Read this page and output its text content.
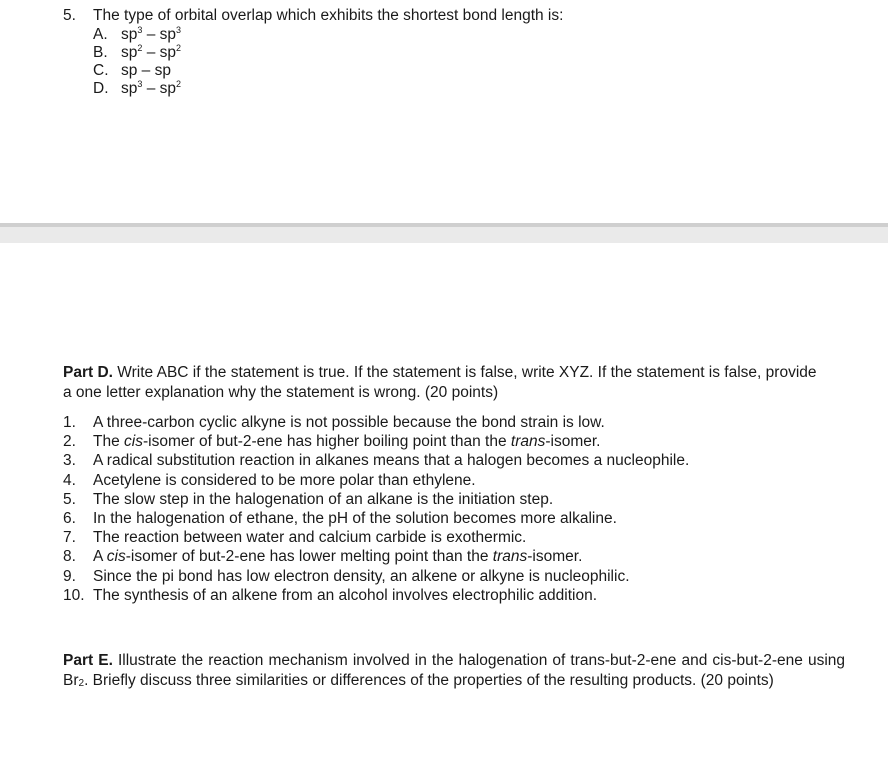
5.	The type of orbital overlap which exhibits the shortest bond length is:
A. $sp^3 - sp^3$
B. $sp^2 - sp^2$
C. sp – sp
D. $sp^3 - sp^2$
Part D. Write ABC if the statement is true. If the statement is false, write XYZ. If the statement is false, provide a one letter explanation why the statement is wrong. (20 points)
1.	A three-carbon cyclic alkyne is not possible because the bond strain is low.
2.	The cis-isomer of but-2-ene has higher boiling point than the trans-isomer.
3.	A radical substitution reaction in alkanes means that a halogen becomes a nucleophile.
4.	Acetylene is considered to be more polar than ethylene.
5.	The slow step in the halogenation of an alkane is the initiation step.
6.	In the halogenation of ethane, the pH of the solution becomes more alkaline.
7.	The reaction between water and calcium carbide is exothermic.
8.	A cis-isomer of but-2-ene has lower melting point than the trans-isomer.
9.	Since the pi bond has low electron density, an alkene or alkyne is nucleophilic.
10. The synthesis of an alkene from an alcohol involves electrophilic addition.
Part E. Illustrate the reaction mechanism involved in the halogenation of trans-but-2-ene and cis-but-2-ene using $Br_2$. Briefly discuss three similarities or differences of the properties of the resulting products. (20 points)
